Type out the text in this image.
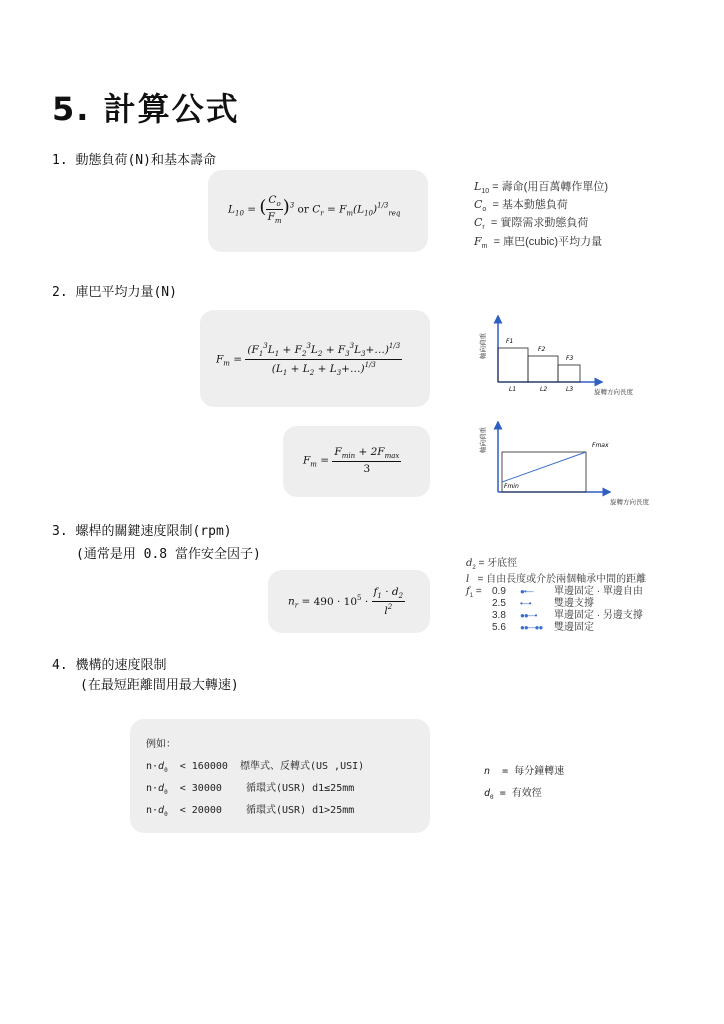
5. 計算公式
1. 動態負荷(N)和基本壽命
$L_{10}$ = ( $\frac{C_o}{F_m} )^3$ or $C_r = F_m(L_{10})^{1/3}_{req}$
$L_{10}$ = 壽命(用百萬轉作單位)
$C_o$ = 基本動態負荷
$C_r$ = 實際需求動態負荷
$F_m$ = 庫巴(cubic)平均力量
2. 庫巴平均力量(N)
$F_m = \frac{(F_1^3L_1 + F_2^3L_2 + F_3^3L_3+\dots)^{1/3}}{(L_1 + L_2 + L_3+\dots)^{1/3}}$
$F_m = \frac{F_{min} + 2F_{max}}{3}$
F1
F2
F3
L1	L2	L3	旋轉方向長度
軸向荷重
Fmax
Fmin
旋轉方向長度
軸向荷重
3. 螺桿的關鍵速度限制(rpm)
(通常是用 0.8 當作安全因子)
$n_r = 490 \cdot 10^5 \cdot \frac{f_1 \cdot d_2}{l^2}$
$d_2$ = 牙底徑
l = 自由長度或介於兩個軸承中間的距離
$f_1 = 0.9$ ●•— 單邊固定 · 單邊自由
2.5 •—• 雙邊支撐
3.8 ●●—• 單邊固定 · 另邊支撐
5.6 ●●—●● 雙邊固定
4. 機構的速度限制
(在最短距離間用最大轉速)
例如：
$n\cdot d_0 < 160000$ 標準式、反轉式(US ,USI)
$n\cdot d_0 < 30000$ 循環式(USR) d1≤25mm
$n\cdot d_0 < 20000$ 循環式(USR) d1>25mm
n = 每分鐘轉速
$d_0$ = 有效徑
